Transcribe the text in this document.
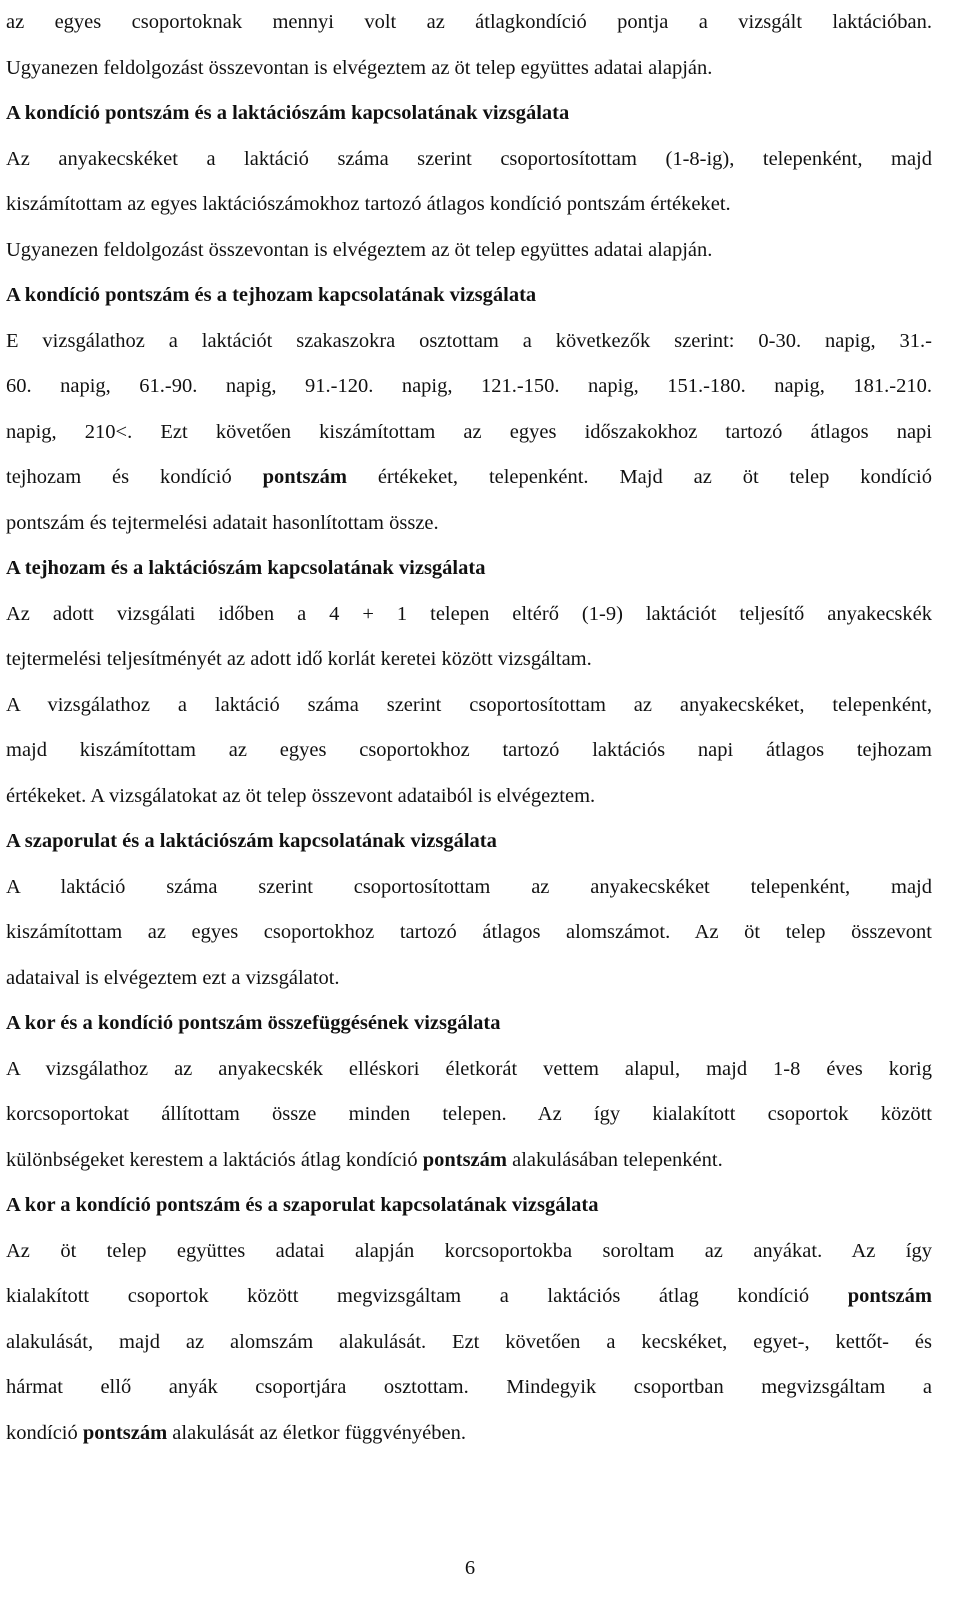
az egyes csoportoknak mennyi volt az átlagkondíció pontja a vizsgált laktációban.
Ugyanezen feldolgozást összevontan is elvégeztem az öt telep együttes adatai alapján.
A kondíció pontszám és a laktációszám kapcsolatának vizsgálata
Az anyakecskéket a laktáció száma szerint csoportosítottam (1-8-ig), telepenként, majd
kiszámítottam az egyes laktációszámokhoz tartozó átlagos kondíció pontszám értékeket.
Ugyanezen feldolgozást összevontan is elvégeztem az öt telep együttes adatai alapján.
A kondíció pontszám és a tejhozam kapcsolatának vizsgálata
E vizsgálathoz a laktációt szakaszokra osztottam a következők szerint: 0-30. napig, 31.-
60. napig, 61.-90. napig, 91.-120. napig, 121.-150. napig, 151.-180. napig, 181.-210.
napig, 210<. Ezt követően kiszámítottam az egyes időszakokhoz tartozó átlagos napi
tejhozam és kondíció pontszám értékeket, telepenként. Majd az öt telep kondíció
pontszám és tejtermelési adatait hasonlítottam össze.
A tejhozam és a laktációszám kapcsolatának vizsgálata
Az adott vizsgálati időben a 4 + 1 telepen eltérő (1-9) laktációt teljesítő anyakecskék
tejtermelési teljesítményét az adott idő korlát keretei között vizsgáltam.
A vizsgálathoz a laktáció száma szerint csoportosítottam az anyakecskéket, telepenként,
majd kiszámítottam az egyes csoportokhoz tartozó laktációs napi átlagos tejhozam
értékeket. A vizsgálatokat az öt telep összevont adataiból is elvégeztem.
A szaporulat és a laktációszám kapcsolatának vizsgálata
A laktáció száma szerint csoportosítottam az anyakecskéket telepenként, majd
kiszámítottam az egyes csoportokhoz tartozó átlagos alomszámot. Az öt telep összevont
adataival is elvégeztem ezt a vizsgálatot.
A kor és a kondíció pontszám összefüggésének vizsgálata
A vizsgálathoz az anyakecskék elléskori életkorát vettem alapul, majd 1-8 éves korig
korcsoportokat állítottam össze minden telepen. Az így kialakított csoportok között
különbségeket kerestem a laktációs átlag kondíció pontszám alakulásában telepenként.
A kor a kondíció pontszám és a szaporulat kapcsolatának vizsgálata
Az öt telep együttes adatai alapján korcsoportokba soroltam az anyákat. Az így
kialakított csoportok között megvizsgáltam a laktációs átlag kondíció pontszám
alakulását, majd az alomszám alakulását. Ezt követően a kecskéket, egyet-, kettőt- és
hármat ellő anyák csoportjára osztottam. Mindegyik csoportban megvizsgáltam a
kondíció pontszám alakulását az életkor függvényében.
6
